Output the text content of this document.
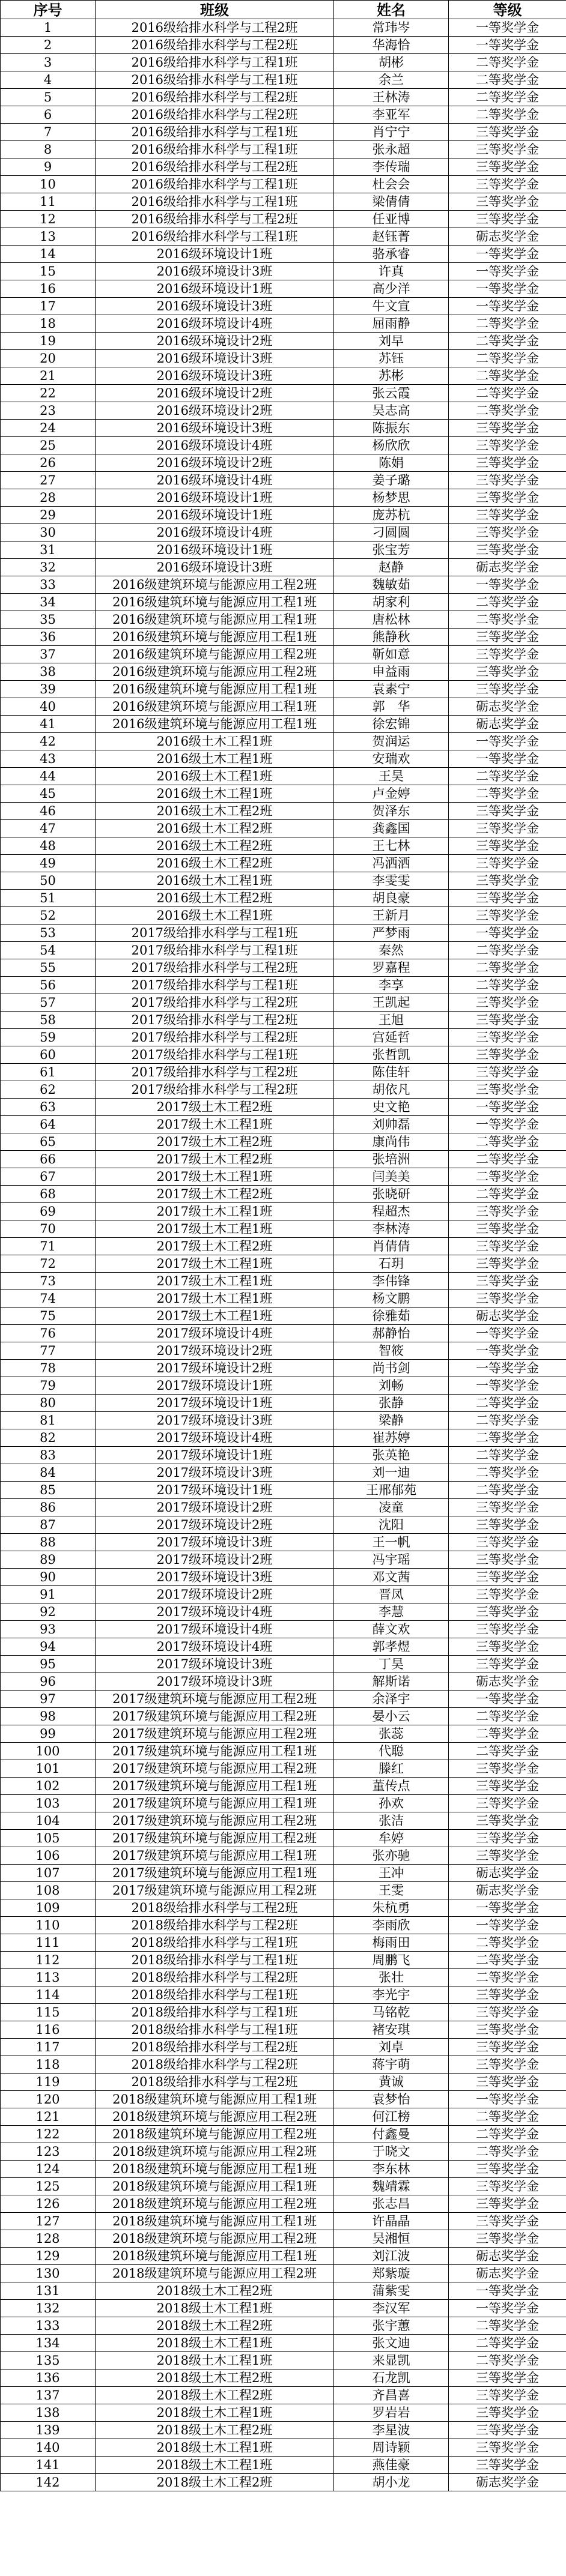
序号	班级	姓名	等级
1	2016级给排水科学与工程2班	常玮岑	一等奖学金
2	2016级给排水科学与工程2班	华海恰	一等奖学金
3	2016级给排水科学与工程1班	胡彬	二等奖学金
4	2016级给排水科学与工程1班	余兰	二等奖学金
5	2016级给排水科学与工程2班	王林涛	二等奖学金
6	2016级给排水科学与工程2班	李亚军	二等奖学金
7	2016级给排水科学与工程1班	肖宁宁	三等奖学金
8	2016级给排水科学与工程1班	张永超	三等奖学金
9	2016级给排水科学与工程2班	李传瑞	三等奖学金
10	2016级给排水科学与工程1班	杜会会	三等奖学金
11	2016级给排水科学与工程1班	梁倩倩	三等奖学金
12	2016级给排水科学与工程2班	任亚博	三等奖学金
13	2016级给排水科学与工程1班	赵钰菁	砺志奖学金
14	2016级环境设计1班	骆承睿	一等奖学金
15	2016级环境设计3班	许真	一等奖学金
16	2016级环境设计1班	高少洋	一等奖学金
17	2016级环境设计3班	牛文宣	一等奖学金
18	2016级环境设计4班	屈雨静	二等奖学金
19	2016级环境设计2班	刘早	二等奖学金
20	2016级环境设计3班	苏钰	二等奖学金
21	2016级环境设计3班	苏彬	二等奖学金
22	2016级环境设计2班	张云霞	二等奖学金
23	2016级环境设计2班	吴志高	二等奖学金
24	2016级环境设计3班	陈振东	三等奖学金
25	2016级环境设计4班	杨欣欣	三等奖学金
26	2016级环境设计2班	陈娟	三等奖学金
27	2016级环境设计4班	姜子璐	三等奖学金
28	2016级环境设计1班	杨梦思	三等奖学金
29	2016级环境设计1班	庞苏杭	三等奖学金
30	2016级环境设计4班	刁圆圆	三等奖学金
31	2016级环境设计1班	张宝芳	三等奖学金
32	2016级环境设计3班	赵静	砺志奖学金
33	2016级建筑环境与能源应用工程2班	魏敏茹	一等奖学金
34	2016级建筑环境与能源应用工程1班	胡家利	二等奖学金
35	2016级建筑环境与能源应用工程1班	唐松林	二等奖学金
36	2016级建筑环境与能源应用工程1班	熊静秋	三等奖学金
37	2016级建筑环境与能源应用工程2班	靳如意	三等奖学金
38	2016级建筑环境与能源应用工程2班	申益雨	三等奖学金
39	2016级建筑环境与能源应用工程1班	袁素宁	三等奖学金
40	2016级建筑环境与能源应用工程1班	郭　华	砺志奖学金
41	2016级建筑环境与能源应用工程1班	徐宏锦	砺志奖学金
42	2016级土木工程1班	贺润运	一等奖学金
43	2016级土木工程1班	安瑞欢	一等奖学金
44	2016级土木工程1班	王昊	二等奖学金
45	2016级土木工程1班	卢金婷	二等奖学金
46	2016级土木工程2班	贺泽东	三等奖学金
47	2016级土木工程2班	龚鑫国	三等奖学金
48	2016级土木工程2班	王七林	三等奖学金
49	2016级土木工程2班	冯洒洒	三等奖学金
50	2016级土木工程1班	李雯雯	三等奖学金
51	2016级土木工程2班	胡良豪	三等奖学金
52	2016级土木工程1班	王新月	三等奖学金
53	2017级给排水科学与工程1班	严梦雨	一等奖学金
54	2017级给排水科学与工程1班	秦然	二等奖学金
55	2017级给排水科学与工程2班	罗嘉程	二等奖学金
56	2017级给排水科学与工程1班	李享	二等奖学金
57	2017级给排水科学与工程2班	王凯起	三等奖学金
58	2017级给排水科学与工程2班	王旭	三等奖学金
59	2017级给排水科学与工程2班	宫延哲	三等奖学金
60	2017级给排水科学与工程1班	张哲凯	三等奖学金
61	2017级给排水科学与工程2班	陈佳轩	三等奖学金
62	2017级给排水科学与工程2班	胡依凡	三等奖学金
63	2017级土木工程2班	史文艳	一等奖学金
64	2017级土木工程1班	刘帅磊	一等奖学金
65	2017级土木工程2班	康尚伟	二等奖学金
66	2017级土木工程2班	张培洲	二等奖学金
67	2017级土木工程1班	闫美美	二等奖学金
68	2017级土木工程2班	张晓研	二等奖学金
69	2017级土木工程1班	程超杰	三等奖学金
70	2017级土木工程1班	李林涛	三等奖学金
71	2017级土木工程2班	肖倩倩	三等奖学金
72	2017级土木工程1班	石玥	三等奖学金
73	2017级土木工程1班	李伟锋	三等奖学金
74	2017级土木工程1班	杨文鹏	三等奖学金
75	2017级土木工程1班	徐雅茹	砺志奖学金
76	2017级环境设计4班	郝静怡	一等奖学金
77	2017级环境设计2班	智筱	一等奖学金
78	2017级环境设计2班	尚书剑	一等奖学金
79	2017级环境设计1班	刘畅	一等奖学金
80	2017级环境设计1班	张静	二等奖学金
81	2017级环境设计3班	梁静	二等奖学金
82	2017级环境设计4班	崔苏婷	二等奖学金
83	2017级环境设计1班	张英艳	二等奖学金
84	2017级环境设计3班	刘一迪	二等奖学金
85	2017级环境设计1班	王邢郁苑	二等奖学金
86	2017级环境设计2班	凌童	三等奖学金
87	2017级环境设计2班	沈阳	三等奖学金
88	2017级环境设计3班	王一帆	三等奖学金
89	2017级环境设计2班	冯宇瑶	三等奖学金
90	2017级环境设计3班	邓文茜	三等奖学金
91	2017级环境设计2班	晋凤	三等奖学金
92	2017级环境设计4班	李慧	三等奖学金
93	2017级环境设计4班	薛文欢	三等奖学金
94	2017级环境设计4班	郭孝煜	三等奖学金
95	2017级环境设计3班	丁昊	三等奖学金
96	2017级环境设计3班	解斯诺	砺志奖学金
97	2017级建筑环境与能源应用工程2班	余泽宇	一等奖学金
98	2017级建筑环境与能源应用工程2班	晏小云	二等奖学金
99	2017级建筑环境与能源应用工程2班	张蕊	二等奖学金
100	2017级建筑环境与能源应用工程1班	代聪	二等奖学金
101	2017级建筑环境与能源应用工程2班	滕红	三等奖学金
102	2017级建筑环境与能源应用工程1班	董传点	三等奖学金
103	2017级建筑环境与能源应用工程1班	孙欢	三等奖学金
104	2017级建筑环境与能源应用工程2班	张洁	三等奖学金
105	2017级建筑环境与能源应用工程2班	牟婷	三等奖学金
106	2017级建筑环境与能源应用工程1班	张亦驰	三等奖学金
107	2017级建筑环境与能源应用工程1班	王冲	砺志奖学金
108	2017级建筑环境与能源应用工程2班	王雯	砺志奖学金
109	2018级给排水科学与工程2班	朱杭勇	一等奖学金
110	2018级给排水科学与工程2班	李雨欣	一等奖学金
111	2018级给排水科学与工程1班	梅雨田	二等奖学金
112	2018级给排水科学与工程1班	周鹏飞	二等奖学金
113	2018级给排水科学与工程2班	张壮	二等奖学金
114	2018级给排水科学与工程1班	李光宇	三等奖学金
115	2018级给排水科学与工程1班	马铭乾	三等奖学金
116	2018级给排水科学与工程1班	褚安琪	三等奖学金
117	2018级给排水科学与工程2班	刘卓	三等奖学金
118	2018级给排水科学与工程2班	蒋宇萌	三等奖学金
119	2018级给排水科学与工程2班	黄诚	三等奖学金
120	2018级建筑环境与能源应用工程1班	袁梦怡	一等奖学金
121	2018级建筑环境与能源应用工程2班	何江榜	二等奖学金
122	2018级建筑环境与能源应用工程2班	付鑫曼	二等奖学金
123	2018级建筑环境与能源应用工程2班	于晓文	二等奖学金
124	2018级建筑环境与能源应用工程1班	李东林	三等奖学金
125	2018级建筑环境与能源应用工程1班	魏靖霖	三等奖学金
126	2018级建筑环境与能源应用工程2班	张志昌	三等奖学金
127	2018级建筑环境与能源应用工程1班	许晶晶	三等奖学金
128	2018级建筑环境与能源应用工程2班	吴湘恒	三等奖学金
129	2018级建筑环境与能源应用工程1班	刘江波	砺志奖学金
130	2018级建筑环境与能源应用工程2班	郑紫璇	砺志奖学金
131	2018级土木工程2班	蒲紫雯	一等奖学金
132	2018级土木工程1班	李汉军	一等奖学金
133	2018级土木工程2班	张宇蕙	二等奖学金
134	2018级土木工程1班	张文迪	二等奖学金
135	2018级土木工程1班	来显凯	二等奖学金
136	2018级土木工程2班	石龙凯	三等奖学金
137	2018级土木工程2班	齐昌喜	三等奖学金
138	2018级土木工程1班	罗岩岩	三等奖学金
139	2018级土木工程2班	李星波	三等奖学金
140	2018级土木工程1班	周诗颖	三等奖学金
141	2018级土木工程1班	燕佳豪	三等奖学金
142	2018级土木工程2班	胡小龙	砺志奖学金
